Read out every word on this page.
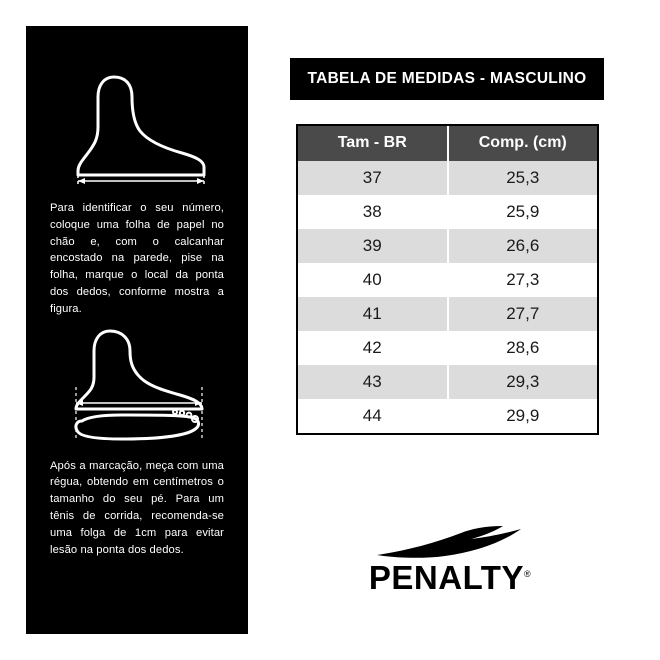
Para identificar o seu número, coloque uma folha de papel no chão e, com o calcanhar encostado na parede, pise na folha, marque o local da ponta dos dedos, conforme mostra a figura.
Após a marcação, meça com uma régua, obtendo em centímetros o tamanho do seu pé. Para um tênis de corrida, recomenda-se uma folga de 1cm para evitar lesão na ponta dos dedos.
TABELA DE MEDIDAS - MASCULINO
Tam - BR	Comp. (cm)
37	25,3
38	25,9
39	26,6
40	27,3
41	27,7
42	28,6
43	29,3
44	29,9
PENALTY®
